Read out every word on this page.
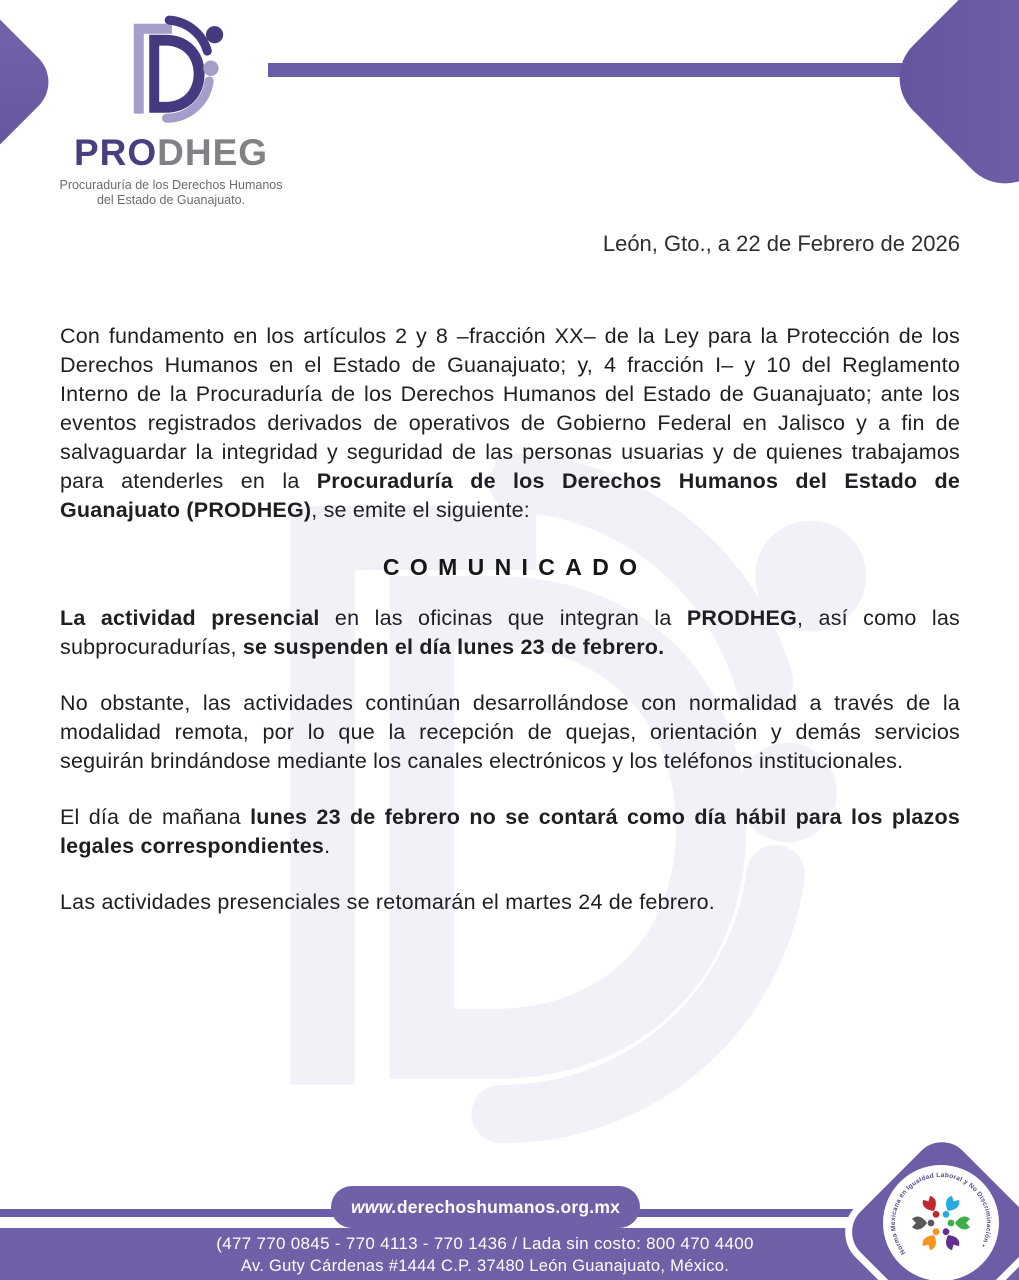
PRODHEG
Procuraduría de los Derechos Humanos
del Estado de Guanajuato.
León, Gto., a 22 de Febrero de 2026

Con fundamento en los artículos 2 y 8 –fracción XX– de la Ley para la Protección de los Derechos Humanos en el Estado de Guanajuato; y, 4 fracción I– y 10 del Reglamento Interno de la Procuraduría de los Derechos Humanos del Estado de Guanajuato; ante los eventos registrados derivados de operativos de Gobierno Federal en Jalisco y a fin de salvaguardar la integridad y seguridad de las personas usuarias y de quienes trabajamos para atenderles en la Procuraduría de los Derechos Humanos del Estado de Guanajuato (PRODHEG), se emite el siguiente:

COMUNICADO

La actividad presencial en las oficinas que integran la PRODHEG, así como las subprocuradurías, se suspenden el día lunes 23 de febrero.

No obstante, las actividades continúan desarrollándose con normalidad a través de la modalidad remota, por lo que la recepción de quejas, orientación y demás servicios seguirán brindándose mediante los canales electrónicos y los teléfonos institucionales.

El día de mañana lunes 23 de febrero no se contará como día hábil para los plazos legales correspondientes.

Las actividades presenciales se retomarán el martes 24 de febrero.

www. derechoshumanos.org.mx
(477 770 0845 - 770 4113 - 770 1436 / Lada sin costo: 800 470 4400
Av. Guty Cárdenas #1444 C.P. 37480 León Guanajuato, México.
Norma Mexicana en Igualdad Laboral y No Discriminación •
